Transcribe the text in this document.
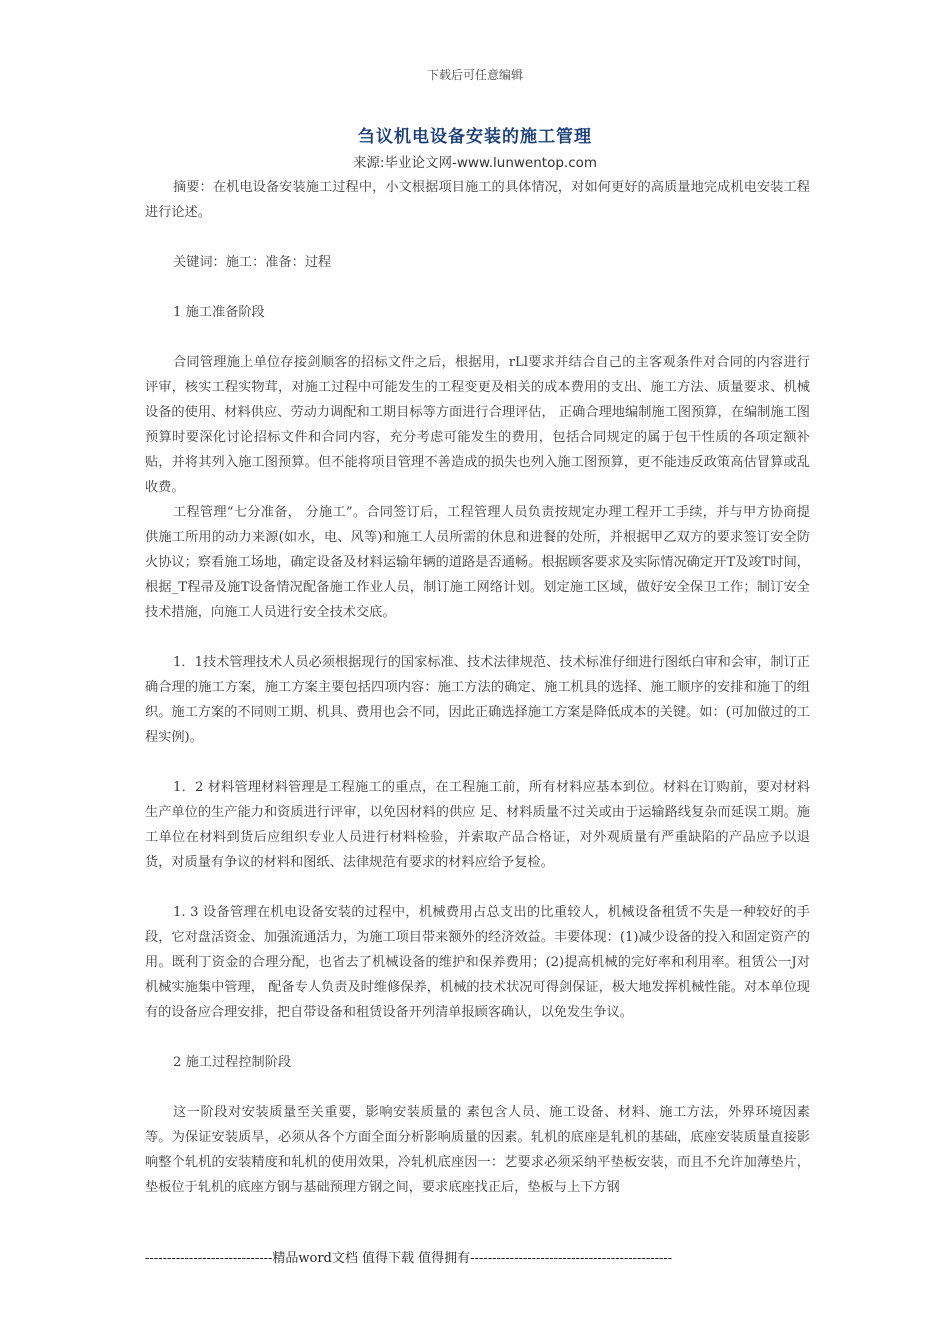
下载后可任意编辑
刍议机电设备安装的施工管理
来源:毕业论文网-www.lunwentop.com

摘要：在机电设备安装施工过程中，小文根据项目施工的具体情况，对如何更好的高质量地完成机电安装工程进行论述。

关键词：施工：准备：过程

1 施工准备阶段

合同管理施上单位存接剑顺客的招标文件之后，根据用，rLl要求并结合自己的主客观条件对合同的内容进行评审，核实工程实物茸，对施工过程中可能发生的工程变更及相关的成本费用的支出、施工方法、质量要求、机械设备的使用、材料供应、劳动力调配和工期目标等方面进行合理评估， 正确合理地编制施工图预算，在编制施工图预算时要深化讨论招标文件和合同内容，充分考虑可能发生的费用，包括合同规定的属于包干性质的各项定额补贴，并将其列入施工图预算。但不能将项目管理不善造成的损失也列入施工图预算，更不能违反政策高估冒算或乱收费。

工程管理“七分准备， 分施工”。合同签订后，工程管理人员负责按规定办理工程开工手续，并与甲方协商提供施工所用的动力来源(如水，电、风等)和施工人员所需的休息和进餐的处所，并根据甲乙双方的要求签订安全防火协议；察看施工场地，确定设备及材料运输年辆的道路是否通畅。根据顾客要求及实际情况确定开T及竣T时间，根据_T程帚及施T设备情况配备施工作业人员，制订施工网络计划。划定施工区域，做好安全保卫工作；制订安全技术措施，向施工人员进行安全技术交底。

1．1技术管理技术人员必须根据现行的国家标准、技术法律规范、技术标准仔细进行图纸白审和会审，制订正确合理的施工方案，施工方案主要包括四项内容：施工方法的确定、施工机具的选择、施工顺序的安排和施丁的组织。施工方案的不同则工期、机具、费用也会不同，因此正确选择施工方案是降低成本的关键。如：(可加做过的工程实例)。

1．2 材料管理材料管理是工程施工的重点，在工程施工前，所有材料应基本到位。材料在订购前，要对材料生产单位的生产能力和资质进行评审，以免因材料的供应 足、材料质量不过关或由于运输路线复杂而延误工期。施工单位在材料到货后应组织专业人员进行材料检验，并索取产品合格证，对外观质量有严重缺陷的产品应予以退货，对质量有争议的材料和图纸、法律规范有要求的材料应给予复检。

1. 3 设备管理在机电设备安装的过程中，机械费用占总支出的比重较人，机械设备租赁不失是一种较好的手段，它对盘活资金、加强流通活力，为施工项目带来额外的经济效益。丰要体现：(1)减少设备的投入和固定资产的 用。既利丁资金的合理分配，也省去了机械设备的维护和保养费用；(2)提高机械的完好率和利用率。租赁公一J对机械实施集中管理， 配备专人负责及时维修保养，机械的技术状况可得剑保证，极大地发挥机械性能。对本单位现有的设备应合理安排，把自带设备和租赁设备开列清单报顾客确认，以免发生争议。

2 施工过程控制阶段

这一阶段对安装质量至关重要，影响安装质量的 素包含人员、施工设备、材料、施工方法，外界环境因素等。为保证安装质旱，必须从各个方面全面分析影响质量的因素。轧机的底座是轧机的基础，底座安装质量直接影响整个轧机的安装精度和轧机的使用效果，冷轧机底座因一：艺要求必须采纳平垫板安装，而且不允许加薄垫片，垫板位于轧机的底座方钢与基础预理方钢之间，要求底座找正后，垫板与上下方钢

-----------------------------精品word文档 值得下载 值得拥有----------------------------------------------
